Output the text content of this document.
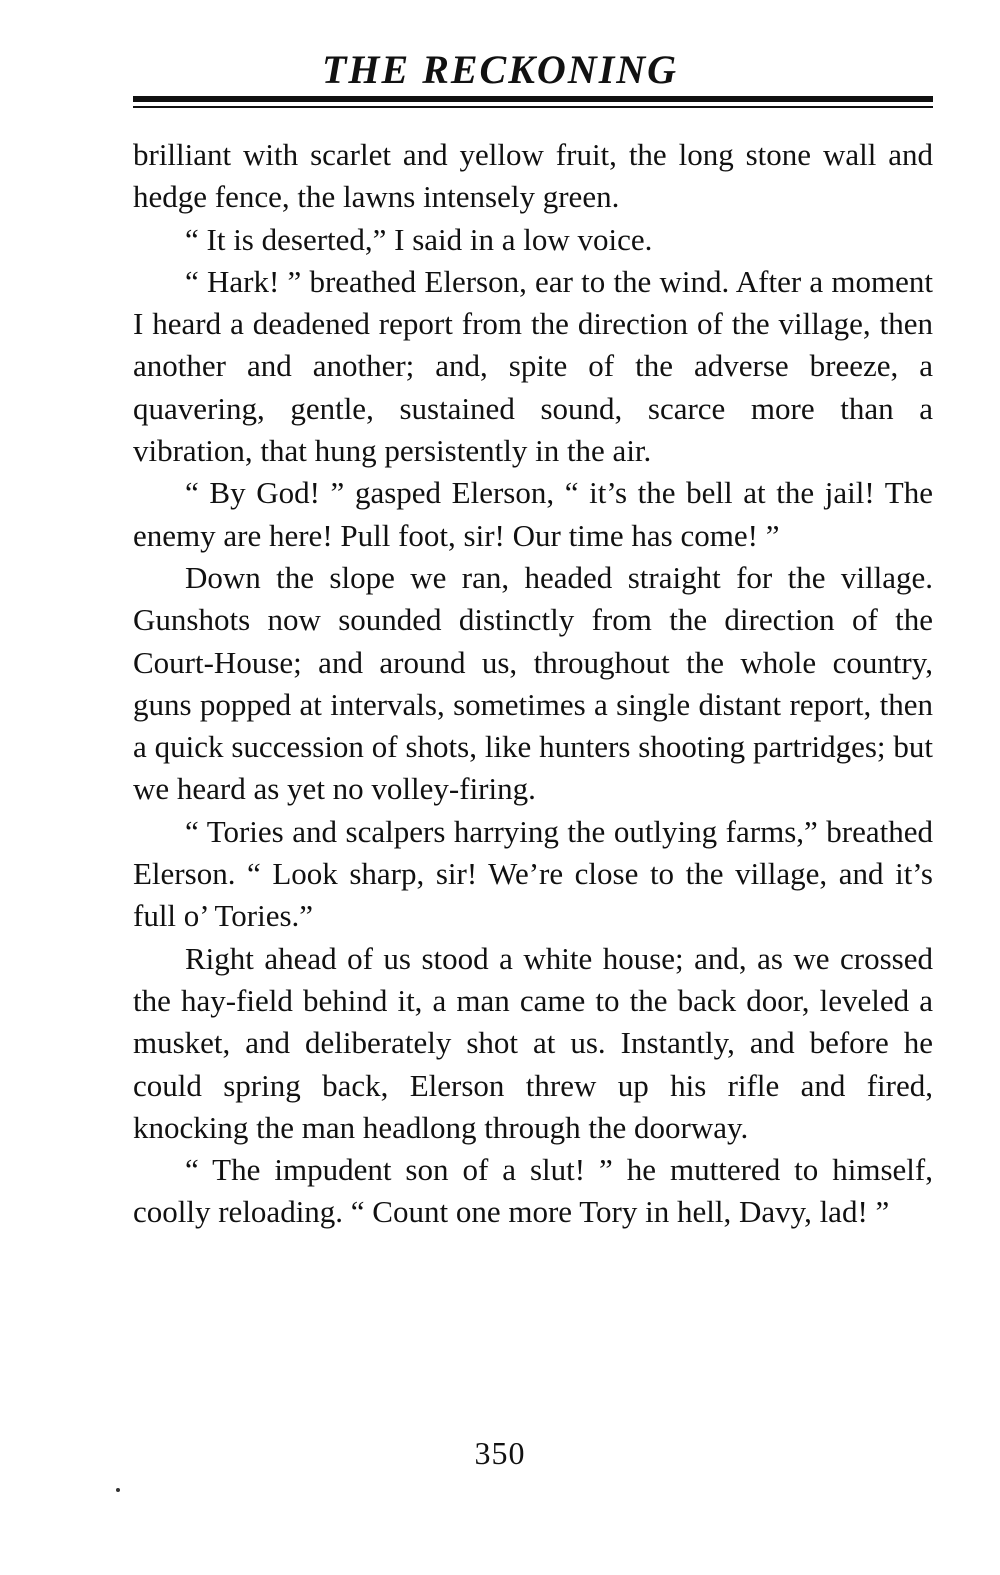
THE RECKONING

brilliant with scarlet and yellow fruit, the long stone wall and hedge fence, the lawns intensely green.

“ It is deserted,” I said in a low voice.

“ Hark! ” breathed Elerson, ear to the wind. After a moment I heard a deadened report from the direction of the village, then another and another; and, spite of the adverse breeze, a quavering, gentle, sustained sound, scarce more than a vibration, that hung persistently in the air.

“ By God! ” gasped Elerson, “ it’s the bell at the jail! The enemy are here! Pull foot, sir! Our time has come! ”

Down the slope we ran, headed straight for the village. Gunshots now sounded distinctly from the direction of the Court-House; and around us, throughout the whole country, guns popped at intervals, sometimes a single distant report, then a quick succession of shots, like hunters shooting partridges; but we heard as yet no volley-firing.

“ Tories and scalpers harrying the outlying farms,” breathed Elerson. “ Look sharp, sir! We’re close to the village, and it’s full o’ Tories.”

Right ahead of us stood a white house; and, as we crossed the hay-field behind it, a man came to the back door, leveled a musket, and deliberately shot at us. Instantly, and before he could spring back, Elerson threw up his rifle and fired, knocking the man headlong through the doorway.

“ The impudent son of a slut! ” he muttered to himself, coolly reloading. “ Count one more Tory in hell, Davy, lad! ”

350
